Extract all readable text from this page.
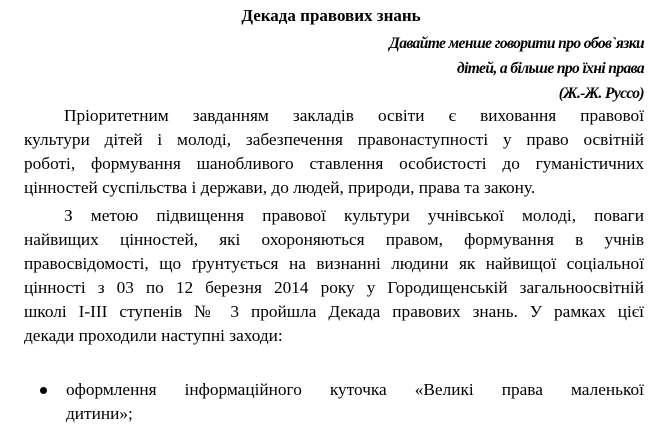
Декада правових знань
Давайте менше говорити про обов`язки
дітей, а більше про їхні права
(Ж.-Ж. Руссо)
Пріоритетним завданням закладів освіти є виховання правової
культури дітей і молоді, забезпечення правонаступності у право освітній
роботі, формування шанобливого ставлення особистості до гуманістичних
цінностей суспільства і держави, до людей, природи, права та закону.
З метою підвищення правової культури учнівської молоді, поваги
найвищих цінностей, які охороняються правом, формування в учнів
правосвідомості, що ґрунтується на визнанні людини як найвищої соціальної
цінності з 03 по 12 березня 2014 року у Городищенській загальноосвітній
школі I-III ступенів № 3 пройшла Декада правових знань. У рамках цієї
декади проходили наступні заходи:
оформлення інформаційного куточка «Великі права маленької
дитини»;
